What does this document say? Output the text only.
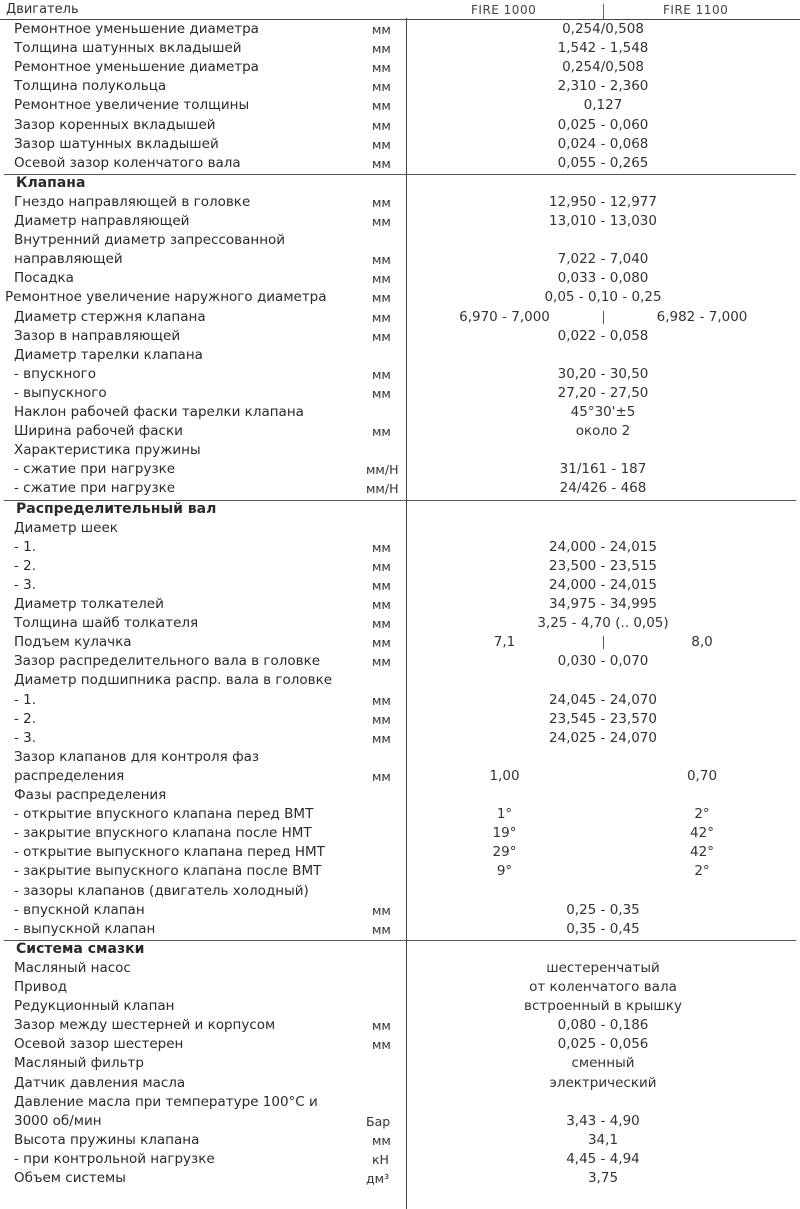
Двигатель	FIRE 1000	FIRE 1100
Ремонтное уменьшение диаметра	мм	0,254/0,508
Толщина шатунных вкладышей	мм	1,542 - 1,548
Ремонтное уменьшение диаметра	мм	0,254/0,508
Толщина полукольца	мм	2,310 - 2,360
Ремонтное увеличение толщины	мм	0,127
Зазор коренных вкладышей	мм	0,025 - 0,060
Зазор шатунных вкладышей	мм	0,024 - 0,068
Осевой зазор коленчатого вала	мм	0,055 - 0,265
Клапана
Гнездо направляющей в головке	мм	12,950 - 12,977
Диаметр направляющей	мм	13,010 - 13,030
Внутренний диаметр запрессованной
направляющей	мм	7,022 - 7,040
Посадка	мм	0,033 - 0,080
Ремонтное увеличение наружного диаметра	мм	0,05 - 0,10 - 0,25
Диаметр стержня клапана	мм	6,970 - 7,000	6,982 - 7,000
Зазор в направляющей	мм	0,022 - 0,058
Диаметр тарелки клапана
- впускного	мм	30,20 - 30,50
- выпускного	мм	27,20 - 27,50
Наклон рабочей фаски тарелки клапана	45°30'±5
Ширина рабочей фаски	мм	около 2
Характеристика пружины
- сжатие при нагрузке	мм/Н	31/161 - 187
- сжатие при нагрузке	мм/Н	24/426 - 468
Распределительный вал
Диаметр шеек
- 1.	мм	24,000 - 24,015
- 2.	мм	23,500 - 23,515
- 3.	мм	24,000 - 24,015
Диаметр толкателей	мм	34,975 - 34,995
Толщина шайб толкателя	мм	3,25 - 4,70 (.. 0,05)
Подъем кулачка	мм	7,1	8,0
Зазор распределительного вала в головке	мм	0,030 - 0,070
Диаметр подшипника распр. вала в головке
- 1.	мм	24,045 - 24,070
- 2.	мм	23,545 - 23,570
- 3.	мм	24,025 - 24,070
Зазор клапанов для контроля фаз
распределения	мм	1,00	0,70
Фазы распределения
- открытие впускного клапана перед ВМТ	1°	2°
- закрытие впускного клапана после НМТ	19°	42°
- открытие выпускного клапана перед НМТ	29°	42°
- закрытие выпускного клапана после ВМТ	9°	2°
- зазоры клапанов (двигатель холодный)
- впускной клапан	мм	0,25 - 0,35
- выпускной клапан	мм	0,35 - 0,45
Система смазки
Масляный насос	шестеренчатый
Привод	от коленчатого вала
Редукционный клапан	встроенный в крышку
Зазор между шестерней и корпусом	мм	0,080 - 0,186
Осевой зазор шестерен	мм	0,025 - 0,056
Масляный фильтр	сменный
Датчик давления масла	электрический
Давление масла при температуре 100°С и
3000 об/мин	Бар	3,43 - 4,90
Высота пружины клапана	мм	34,1
- при контрольной нагрузке	кН	4,45 - 4,94
Объем системы	дм³	3,75
